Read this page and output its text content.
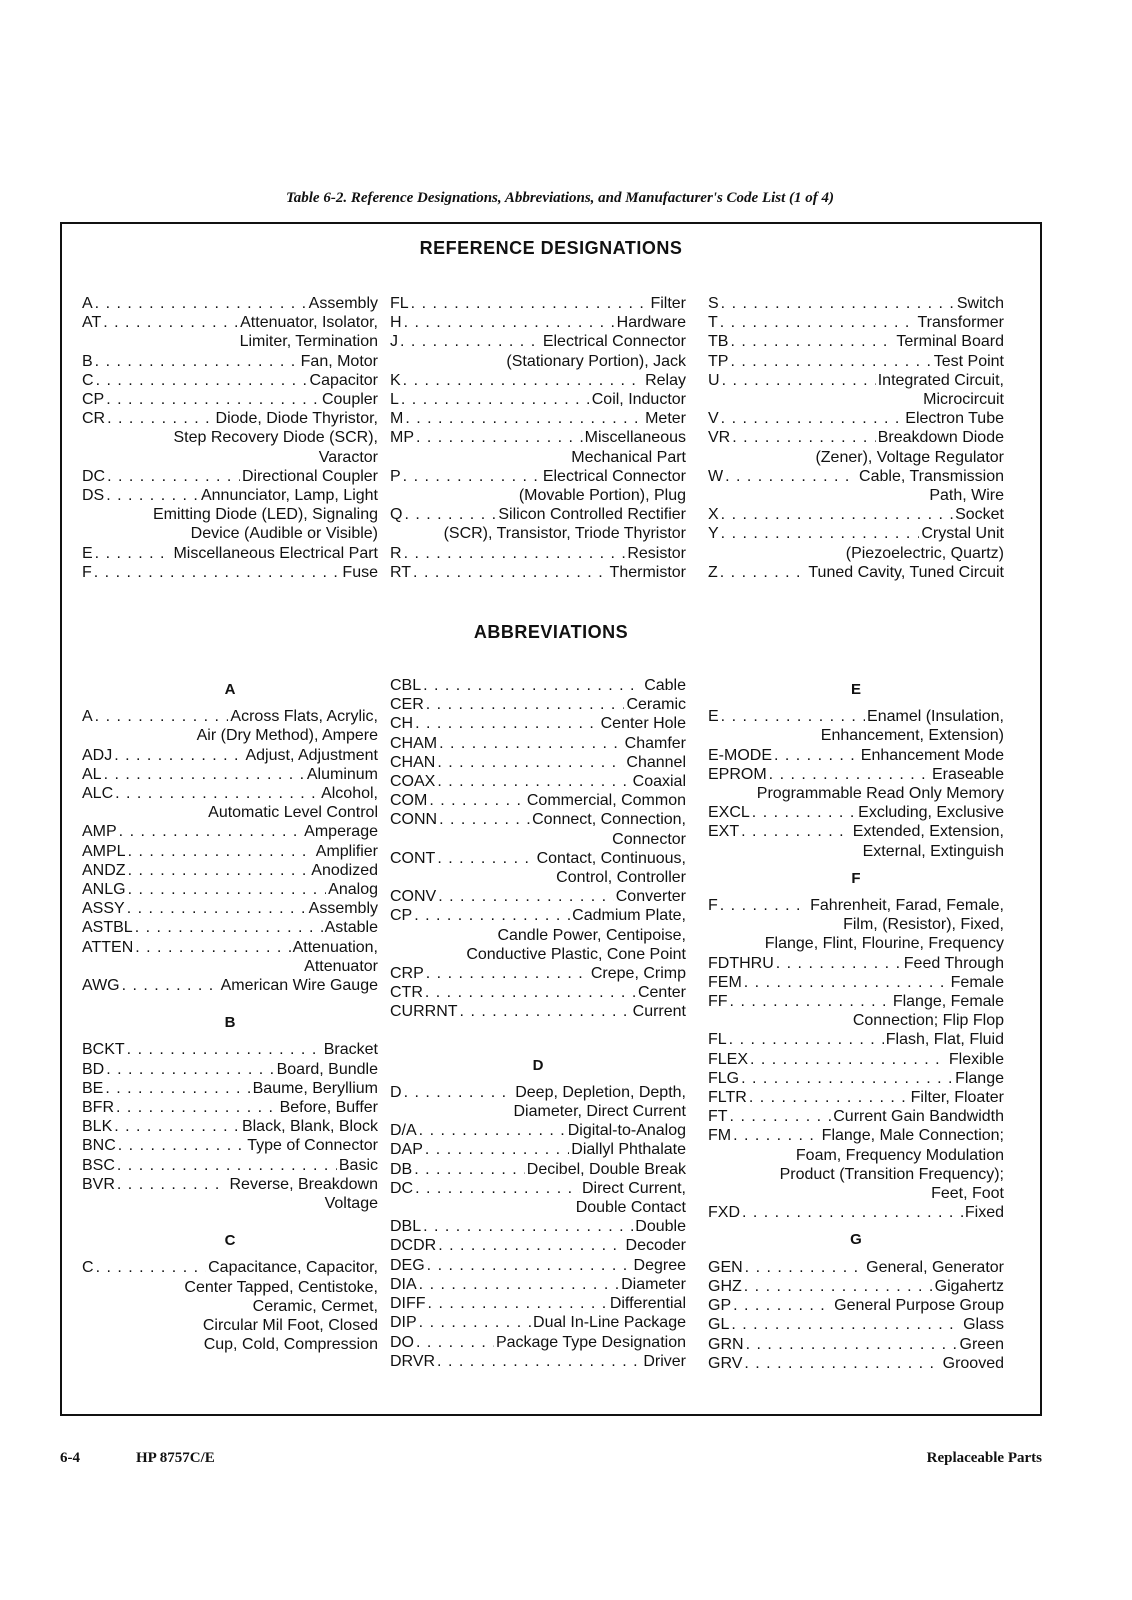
Table 6-2. Reference Designations, Abbreviations, and Manufacturer's Code List (1 of 4)
REFERENCE DESIGNATIONS
A . . .	Assembly
AT . . .	Attenuator, Isolator,
Limiter, Termination
B . . .	Fan, Motor
C . . .	Capacitor
CP . . .	Coupler
CR . . .	Diode, Diode Thyristor,
Step Recovery Diode (SCR),
Varactor
DC . . .	Directional Coupler
DS . . .	Annunciator, Lamp, Light
Emitting Diode (LED), Signaling
Device (Audible or Visible)
E . . .	Miscellaneous Electrical Part
F . . .	Fuse
FL . . .	Filter
H . . .	Hardware
J . . .	Electrical Connector
(Stationary Portion), Jack
K . . .	Relay
L . . .	Coil, Inductor
M . . .	Meter
MP . . .	Miscellaneous
Mechanical Part
P . . .	Electrical Connector
(Movable Portion), Plug
Q . . .	Silicon Controlled Rectifier
(SCR), Transistor, Triode Thyristor
R . . .	Resistor
RT . . .	Thermistor
S . . .	Switch
T . . .	Transformer
TB . . .	Terminal Board
TP . . .	Test Point
U . . .	Integrated Circuit,
Microcircuit
V . . .	Electron Tube
VR . . .	Breakdown Diode
(Zener), Voltage Regulator
W . . .	Cable, Transmission
Path, Wire
X . . .	Socket
Y . . .	Crystal Unit
(Piezoelectric, Quartz)
Z . . .	Tuned Cavity, Tuned Circuit
ABBREVIATIONS
A
A . . .	Across Flats, Acrylic,
Air (Dry Method), Ampere
ADJ . . .	Adjust, Adjustment
AL . . .	Aluminum
ALC . . .	Alcohol,
Automatic Level Control
AMP . . .	Amperage
AMPL . . .	Amplifier
ANDZ . . .	Anodized
ANLG . . .	Analog
ASSY . . .	Assembly
ASTBL . . .	Astable
ATTEN . . .	Attenuation,
Attenuator
AWG . . .	American Wire Gauge
B
BCKT . . .	Bracket
BD . . .	Board, Bundle
BE . . .	Baume, Beryllium
BFR . . .	Before, Buffer
BLK . . .	Black, Blank, Block
BNC . . .	Type of Connector
BSC . . .	Basic
BVR . . .	Reverse, Breakdown
Voltage
C
C . . .	Capacitance, Capacitor,
Center Tapped, Centistoke,
Ceramic, Cermet,
Circular Mil Foot, Closed
Cup, Cold, Compression
CBL . . .	Cable
CER . . .	Ceramic
CH . . .	Center Hole
CHAM . . .	Chamfer
CHAN . . .	Channel
COAX . . .	Coaxial
COM . . .	Commercial, Common
CONN . . .	Connect, Connection,
Connector
CONT . . .	Contact, Continuous,
Control, Controller
CONV . . .	Converter
CP . . .	Cadmium Plate,
Candle Power, Centipoise,
Conductive Plastic, Cone Point
CRP . . .	Crepe, Crimp
CTR . . .	Center
CURRNT . . .	Current
D
D . . .	Deep, Depletion, Depth,
Diameter, Direct Current
D/A . . .	Digital-to-Analog
DAP . . .	Diallyl Phthalate
DB . . .	Decibel, Double Break
DC . . .	Direct Current,
Double Contact
DBL . . .	Double
DCDR . . .	Decoder
DEG . . .	Degree
DIA . . .	Diameter
DIFF . . .	Differential
DIP . . .	Dual In-Line Package
DO . . .	Package Type Designation
DRVR . . .	Driver
E
E . . .	Enamel (Insulation,
Enhancement, Extension)
E-MODE . . .	Enhancement Mode
EPROM . . .	Eraseable
Programmable Read Only Memory
EXCL . . .	Excluding, Exclusive
EXT . . .	Extended, Extension,
External, Extinguish
F
F . . .	Fahrenheit, Farad, Female,
Film, (Resistor), Fixed,
Flange, Flint, Flourine, Frequency
FDTHRU . . .	Feed Through
FEM . . .	Female
FF . . .	Flange, Female
Connection; Flip Flop
FL . . .	Flash, Flat, Fluid
FLEX . . .	Flexible
FLG . . .	Flange
FLTR . . .	Filter, Floater
FT . . .	Current Gain Bandwidth
FM . . .	Flange, Male Connection;
Foam, Frequency Modulation
Product (Transition Frequency);
Feet, Foot
FXD . . .	Fixed
G
GEN . . .	General, Generator
GHZ . . .	Gigahertz
GP . . .	General Purpose Group
GL . . .	Glass
GRN . . .	Green
GRV . . .	Grooved
6-4	HP 8757C/E	Replaceable Parts
